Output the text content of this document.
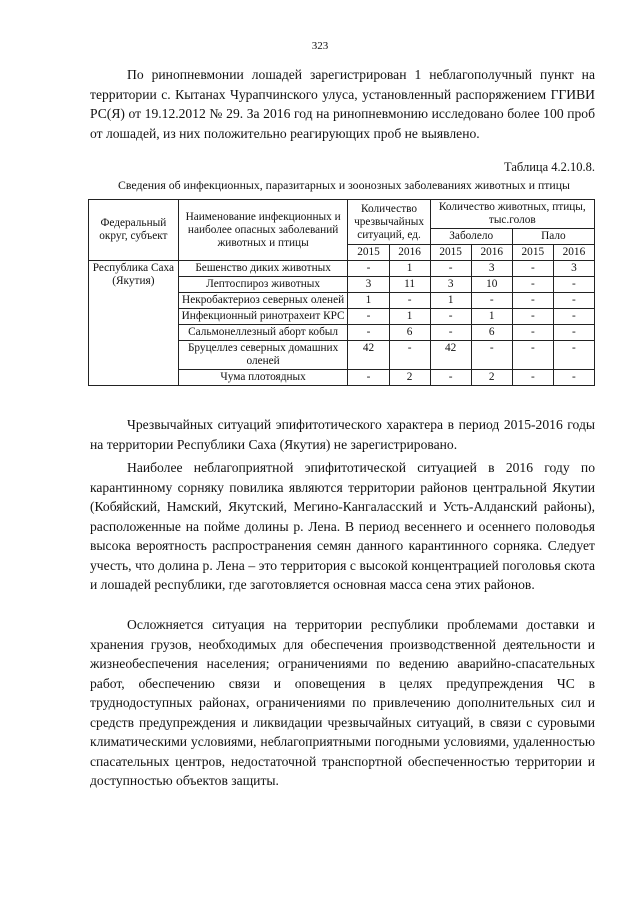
323

По ринопневмонии лошадей зарегистрирован 1 неблагополучный пункт на территории с. Кытанах Чурапчинского улуса, установленный распоряжением ГГИВИ РС(Я) от 19.12.2012 № 29. За 2016 год на ринопневмонию исследовано более 100 проб от лошадей, из них положительно реагирующих проб не выявлено.

Таблица 4.2.10.8.
Сведения об инфекционных, паразитарных и зоонозных заболеваниях животных и птицы
Федеральный округ, субъект	Наименование инфекционных и наиболее опасных заболеваний животных и птицы	Количество чрезвычайных ситуаций, ед.		Количество животных, птицы, тыс.голов			
				Заболело		Пало	
		2015	2016	2015	2016	2015	2016
Республика Саха (Якутия)	Бешенство диких животных	-	1	-	3	-	3
	Лептоспироз животных	3	11	3	10	-	-
	Некробактериоз северных оленей	1	-	1	-	-	-
	Инфекционный ринотрахеит КРС	-	1	-	1	-	-
	Сальмонеллезный аборт кобыл	-	6	-	6	-	-
	Бруцеллез северных домашних оленей	42	-	42	-	-	-
	Чума плотоядных	-	2	-	2	-	-

Чрезвычайных ситуаций эпифитотического характера в период 2015-2016 годы на территории Республики Саха (Якутия) не зарегистрировано.

Наиболее неблагоприятной эпифитотической ситуацией в 2016 году по карантинному сорняку повилика являются территории районов центральной Якутии (Кобяйский, Намский, Якутский, Мегино-Кангаласский и Усть-Алданский районы), расположенные на пойме долины р. Лена. В период весеннего и осеннего половодья высока вероятность распространения семян данного карантинного сорняка. Следует учесть, что долина р. Лена – это территория с высокой концентрацией поголовья скота и лошадей республики, где заготовляется основная масса сена этих районов.

Осложняется ситуация на территории республики проблемами доставки и хранения грузов, необходимых для обеспечения производственной деятельности и жизнеобеспечения населения; ограничениями по ведению аварийно-спасательных работ, обеспечению связи и оповещения в целях предупреждения ЧС в труднодоступных районах, ограничениями по привлечению дополнительных сил и средств предупреждения и ликвидации чрезвычайных ситуаций, в связи с суровыми климатическими условиями, неблагоприятными погодными условиями, удаленностью спасательных центров, недостаточной транспортной обеспеченностью территории и доступностью объектов защиты.
